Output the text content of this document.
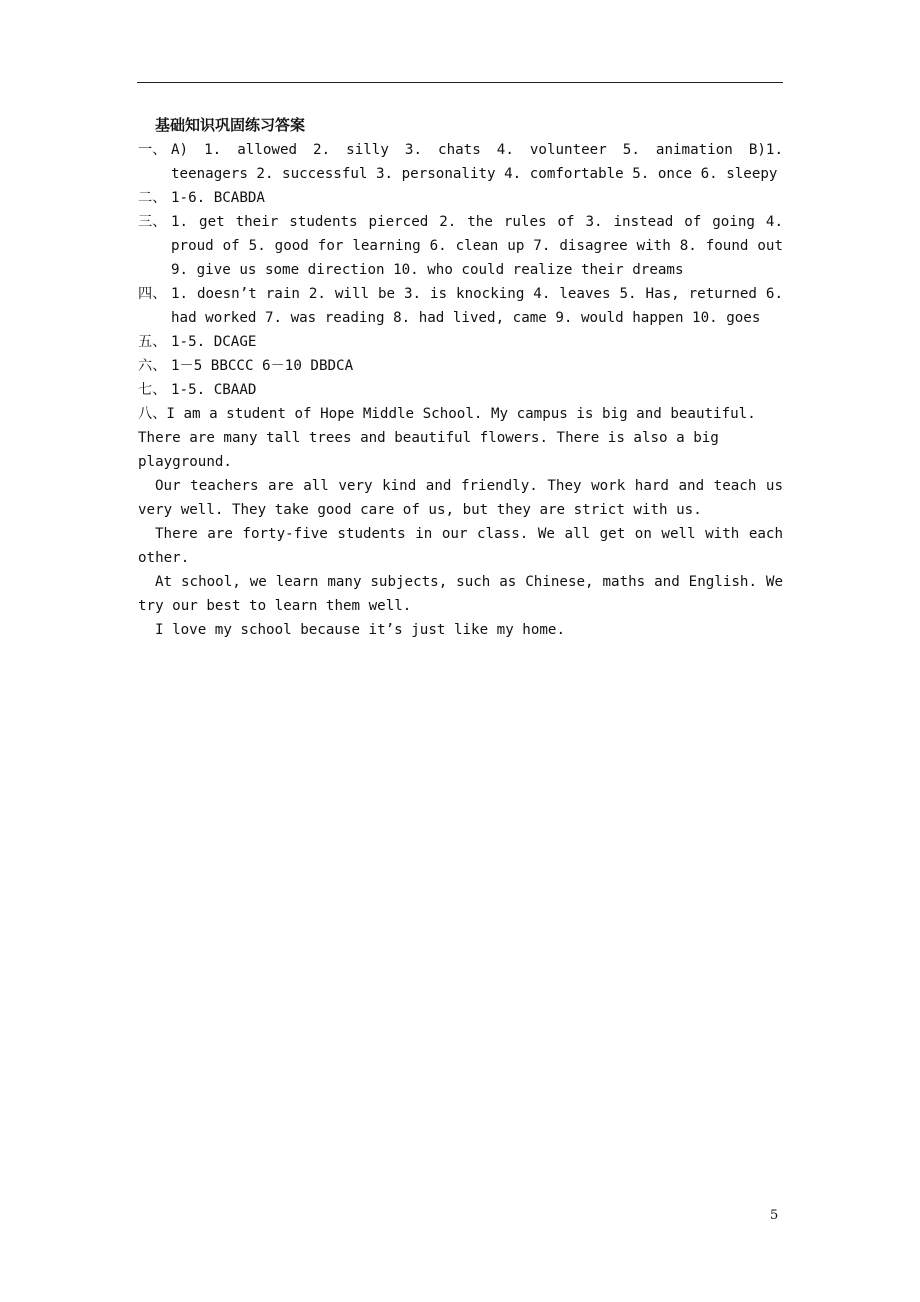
基础知识巩固练习答案
一、 A) 1. allowed 2. silly 3. chats 4. volunteer 5. animation B)1. teenagers 2. successful 3. personality 4. comfortable 5. once 6. sleepy
二、 1-6. BCABDA
三、 1. get their students pierced 2. the rules of 3. instead of going 4. proud of 5. good for learning 6. clean up 7. disagree with 8. found out 9. give us some direction 10. who could realize their dreams
四、 1. doesn’t rain 2. will be 3. is knocking 4. leaves 5. Has, returned 6. had worked 7. was reading 8. had lived, came 9. would happen 10. goes
五、 1-5. DCAGE
六、 1－5 BBCCC 6－10 DBDCA
七、 1-5. CBAAD
八、I am a student of Hope Middle School. My campus is big and beautiful. There are many tall trees and beautiful flowers. There is also a big playground.
Our teachers are all very kind and friendly. They work hard and teach us very well. They take good care of us, but they are strict with us.
There are forty-five students in our class. We all get on well with each other.
At school, we learn many subjects, such as Chinese, maths and English. We try our best to learn them well.
I love my school because it’s just like my home.
5
